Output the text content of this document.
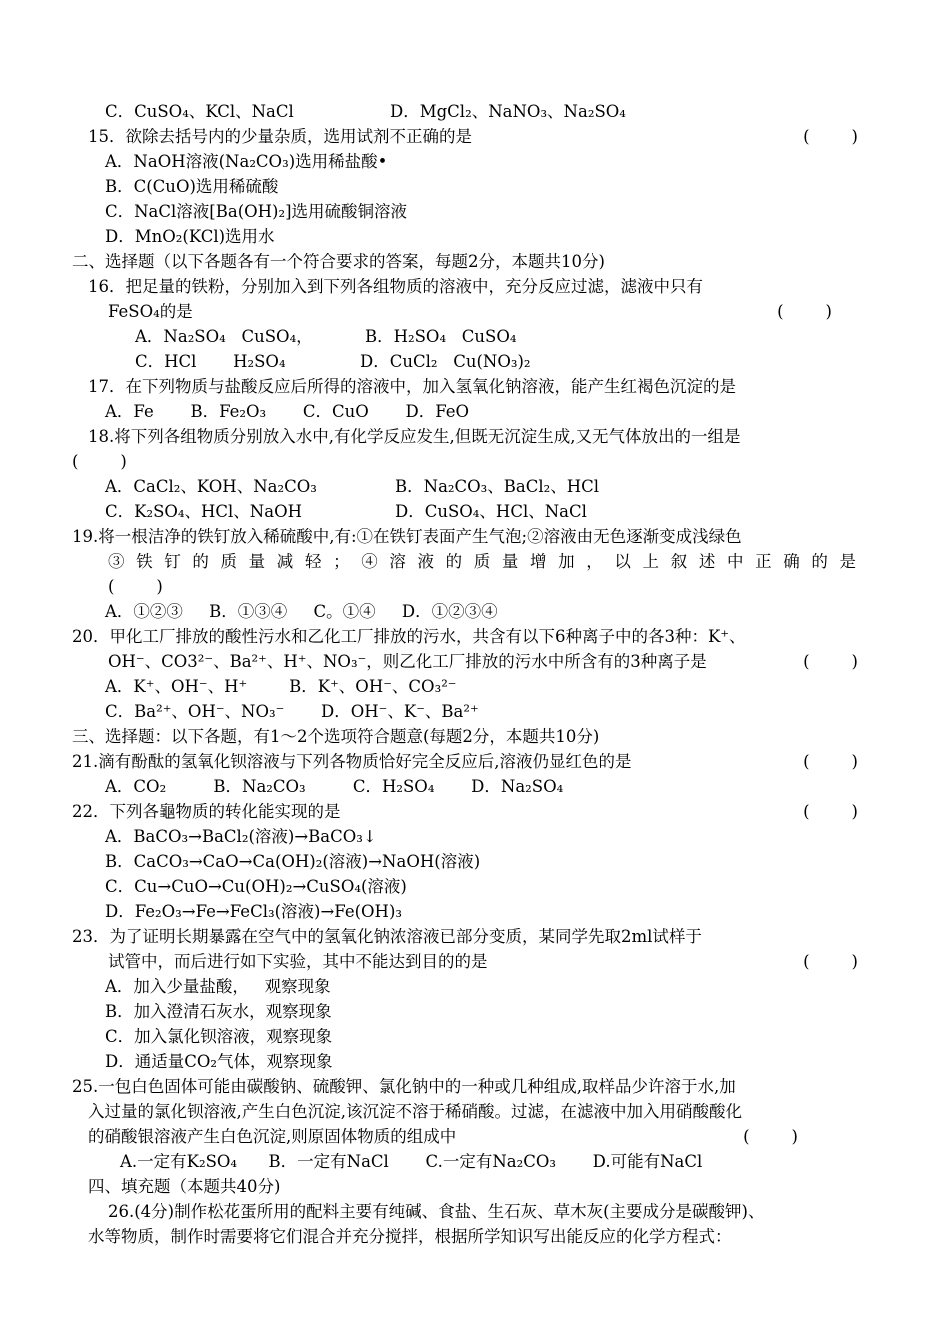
C．CuSO₄、KCl、NaCl	D．MgCl₂、NaNO₃、Na₂SO₄
15．欲除去括号内的少量杂质，选用试剂不正确的是	(        )
A．NaOH溶液(Na₂CO₃)选用稀盐酸•
B．C(CuO)选用稀硫酸
C．NaCl溶液[Ba(OH)₂]选用硫酸铜溶液
D．MnO₂(KCl)选用水
二、选择题（以下各题各有一个符合要求的答案，每题2分，本题共10分)
16．把足量的铁粉，分别加入到下列各组物质的溶液中，充分反应过滤，滤液中只有
FeSO₄的是	(        )
A．Na₂SO₄   CuSO₄，	B．H₂SO₄   CuSO₄
C．HCl       H₂SO₄	D．CuCl₂   Cu(NO₃)₂
17．在下列物质与盐酸反应后所得的溶液中，加入氢氧化钠溶液，能产生红褐色沉淀的是
A．Fe       B．Fe₂O₃       C．CuO       D．FeO
18.将下列各组物质分别放入水中,有化学反应发生,但既无沉淀生成,又无气体放出的一组是
(        )
A．CaCl₂、KOH、Na₂CO₃	B．Na₂CO₃、BaCl₂、HCl
C．K₂SO₄、HCl、NaOH	D．CuSO₄、HCl、NaCl
19.将一根洁净的铁钉放入稀硫酸中,有:①在铁钉表面产生气泡;②溶液由无色逐渐变成浅绿色
③铁钉的质量减轻；④溶液的质量增加，以上叙述中正确的是
(        )
A．①②③     B．①③④     C。①④     D．①②③④
20．甲化工厂排放的酸性污水和乙化工厂排放的污水，共含有以下6种离子中的各3种：K⁺、
OH⁻、CO3²⁻、Ba²⁺、H⁺、NO₃⁻，则乙化工厂排放的污水中所含有的3种离子是	(        )
A．K⁺、OH⁻、H⁺        B．K⁺、OH⁻、CO₃²⁻
C．Ba²⁺、OH⁻、NO₃⁻       D．OH⁻、K⁻、Ba²⁺
三、选择题：以下各题，有1～2个选项符合题意(每题2分，本题共10分)
21.滴有酚酞的氢氧化钡溶液与下列各物质恰好完全反应后,溶液仍显红色的是	(        )
A．CO₂         B．Na₂CO₃         C．H₂SO₄       D．Na₂SO₄
22．下列各龜物质的转化能实现的是	(        )
A．BaCO₃→BaCl₂(溶液)→BaCO₃↓
B．CaCO₃→CaO→Ca(OH)₂(溶液)→NaOH(溶液)
C．Cu→CuO→Cu(OH)₂→CuSO₄(溶液)
D．Fe₂O₃→Fe→FeCl₃(溶液)→Fe(OH)₃
23．为了证明长期暴露在空气中的氢氧化钠浓溶液已部分变质，某同学先取2ml试样于
试管中，而后进行如下实验，其中不能达到目的的是	(        )
A．加入少量盐酸，   观察现象
B．加入澄清石灰水，观察现象
C．加入氯化钡溶液，观察现象
D．通适量CO₂气体，观察现象
25.一包白色固体可能由碳酸钠、硫酸钾、氯化钠中的一种或几种组成,取样品少许溶于水,加
入过量的氯化钡溶液,产生白色沉淀,该沉淀不溶于稀硝酸。过滤，在滤液中加入用硝酸酸化
的硝酸银溶液产生白色沉淀,则原固体物质的组成中	(        )
A.一定有K₂SO₄      B．一定有NaCl       C.一定有Na₂CO₃       D.可能有NaCl
四、填充题（本题共40分)
26.(4分)制作松花蛋所用的配料主要有纯碱、食盐、生石灰、草木灰(主要成分是碳酸钾)、
水等物质，制作时需要将它们混合并充分搅拌，根据所学知识写出能反应的化学方程式：
